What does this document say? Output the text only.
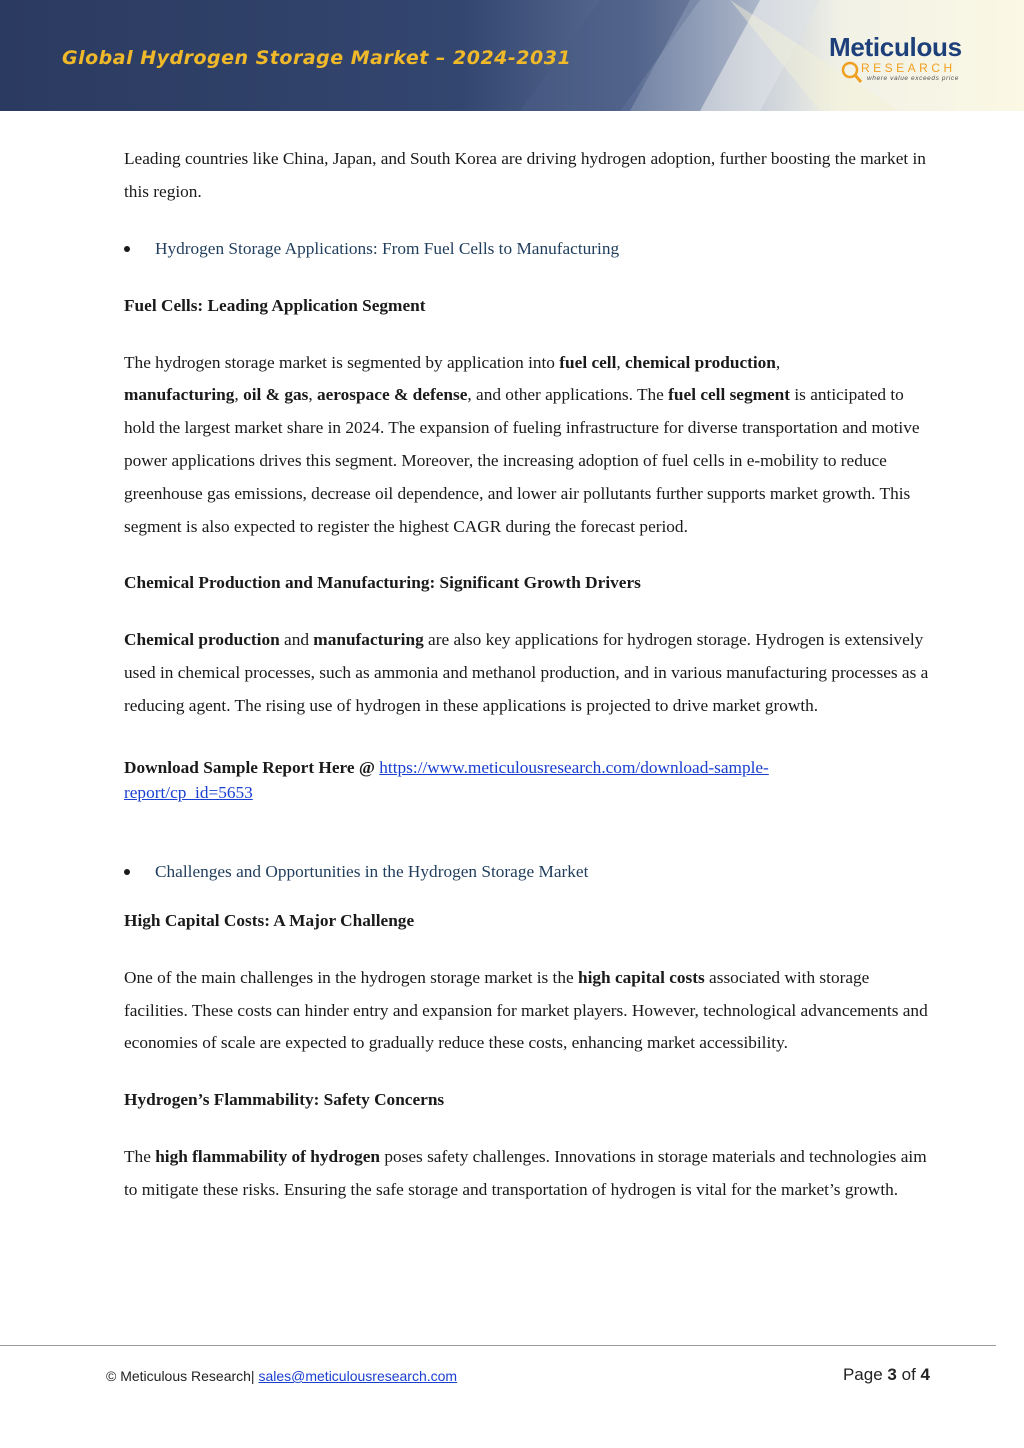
Global Hydrogen Storage Market – 2024-2031	Meticulous
RESEARCH
where value exceeds price

Leading countries like China, Japan, and South Korea are driving hydrogen adoption, further boosting the market in this region.

Hydrogen Storage Applications: From Fuel Cells to Manufacturing

Fuel Cells: Leading Application Segment

The hydrogen storage market is segmented by application into fuel cell, chemical production,
manufacturing, oil & gas, aerospace & defense, and other applications. The fuel cell segment is anticipated to hold the largest market share in 2024. The expansion of fueling infrastructure for diverse transportation and motive power applications drives this segment. Moreover, the increasing adoption of fuel cells in e-mobility to reduce greenhouse gas emissions, decrease oil dependence, and lower air pollutants further supports market growth. This segment is also expected to register the highest CAGR during the forecast period.

Chemical Production and Manufacturing: Significant Growth Drivers

Chemical production and manufacturing are also key applications for hydrogen storage. Hydrogen is extensively used in chemical processes, such as ammonia and methanol production, and in various manufacturing processes as a reducing agent. The rising use of hydrogen in these applications is projected to drive market growth.

Download Sample Report Here @ https://www.meticulousresearch.com/download-sample-
report/cp_id=5653

Challenges and Opportunities in the Hydrogen Storage Market

High Capital Costs: A Major Challenge

One of the main challenges in the hydrogen storage market is the high capital costs associated with storage facilities. These costs can hinder entry and expansion for market players. However, technological advancements and economies of scale are expected to gradually reduce these costs, enhancing market accessibility.

Hydrogen’s Flammability: Safety Concerns

The high flammability of hydrogen poses safety challenges. Innovations in storage materials and technologies aim to mitigate these risks. Ensuring the safe storage and transportation of hydrogen is vital for the market’s growth.

© Meticulous Research| sales@meticulousresearch.com	Page 3 of 4
